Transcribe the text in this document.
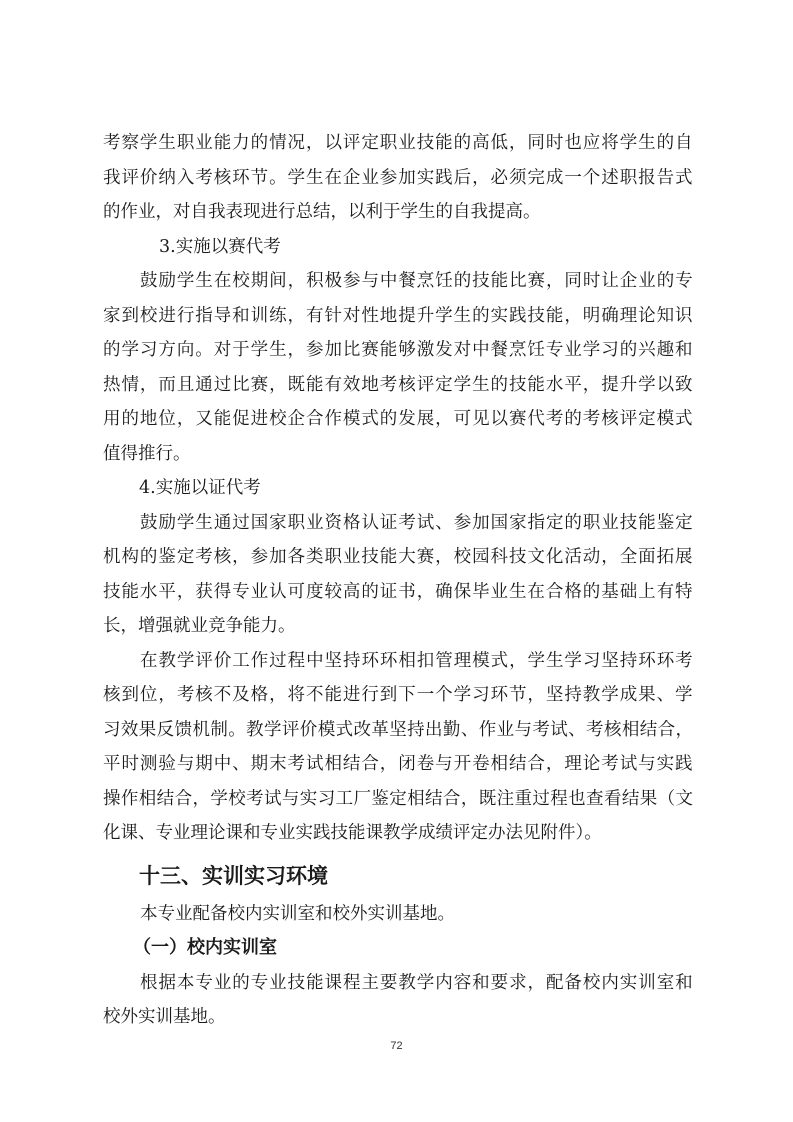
考 察 学 生 职 业 能 力 的 情 况 ， 以 评 定 职 业 技 能 的 高 低 ， 同 时 也 应 将 学 生 的 自
我 评 价 纳 入 考 核 环 节 。 学 生 在 企 业 参 加 实 践 后 ， 必 须 完 成 一 个 述 职 报 告 式
的作业，对自我表现进行总结，以利于学生的自我提高。
3.实施以赛代考
鼓 励 学 生 在 校 期 间 ， 积 极 参 与 中 餐 烹 饪 的 技 能 比 赛 ， 同 时 让 企 业 的 专
家 到 校 进 行 指 导 和 训 练 ， 有 针 对 性 地 提 升 学 生 的 实 践 技 能 ， 明 确 理 论 知 识
的 学 习 方 向 。 对 于 学 生 ， 参 加 比 赛 能 够 激 发 对 中 餐 烹 饪 专 业 学 习 的 兴 趣 和
热 情 ， 而 且 通 过 比 赛 ， 既 能 有 效 地 考 核 评 定 学 生 的 技 能 水 平 ， 提 升 学 以 致
用 的 地 位 ， 又 能 促 进 校 企 合 作 模 式 的 发 展 ， 可 见 以 赛 代 考 的 考 核 评 定 模 式
值得推行。
4.实施以证代考
鼓 励 学 生 通 过 国 家 职 业 资 格 认 证 考 试 、 参 加 国 家 指 定 的 职 业 技 能 鉴 定
机 构 的 鉴 定 考 核 ， 参 加 各 类 职 业 技 能 大 赛 ， 校 园 科 技 文 化 活 动 ， 全 面 拓 展
技 能 水 平 ， 获 得 专 业 认 可 度 较 高 的 证 书 ， 确 保 毕 业 生 在 合 格 的 基 础 上 有 特
长，增强就业竞争能力。
在 教 学 评 价 工 作 过 程 中 坚 持 环 环 相 扣 管 理 模 式 ， 学 生 学 习 坚 持 环 环 考
核 到 位 ， 考 核 不 及 格 ， 将 不 能 进 行 到 下 一 个 学 习 环 节 ， 坚 持 教 学 成 果 、 学
习 效 果 反 馈 机 制 。 教 学 评 价 模 式 改 革 坚 持 出 勤 、 作 业 与 考 试 、 考 核 相 结 合 ，
平 时 测 验 与 期 中 、 期 末 考 试 相 结 合 ， 闭 卷 与 开 卷 相 结 合 ， 理 论 考 试 与 实 践
操 作 相 结 合 ， 学 校 考 试 与 实 习 工 厂 鉴 定 相 结 合 ， 既 注 重 过 程 也 查 看 结 果 （ 文
化课、专业理论课和专业实践技能课教学成绩评定办法见附件）。
十三、实训实习环境
本专业配备校内实训室和校外实训基地。
（一）校内实训室
根 据 本 专 业 的 专 业 技 能 课 程 主 要 教 学 内 容 和 要 求 ， 配 备 校 内 实 训 室 和
校外实训基地。
72
